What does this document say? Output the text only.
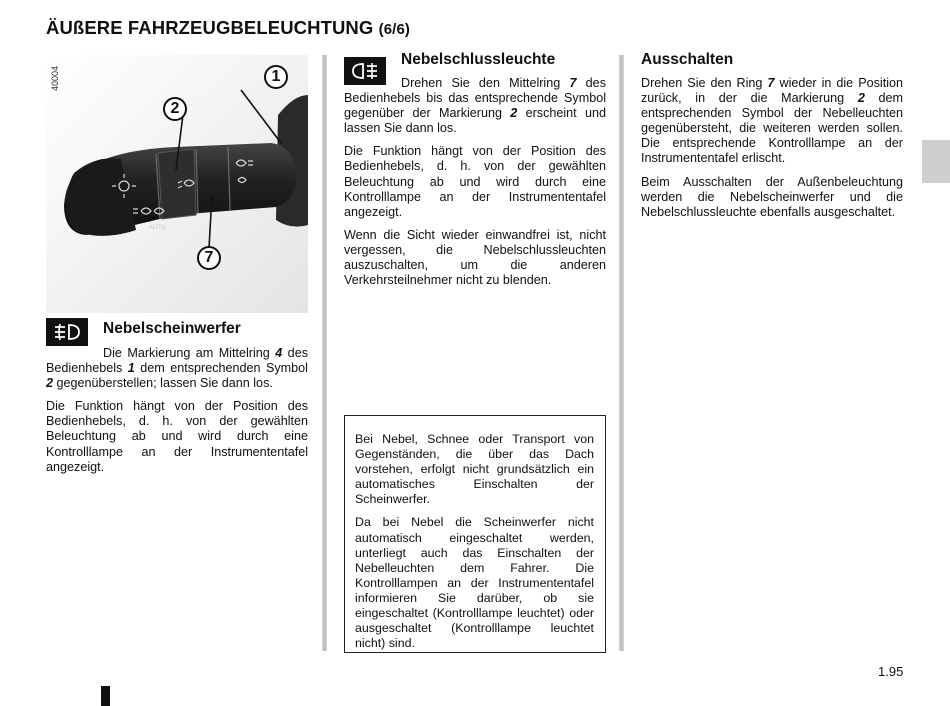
ÄUßERE FAHRZEUGBELEUCHTUNG (6/6)
AUTO
1
2
7
40004
Nebelscheinwerfer

Die Markierung am Mittelring 4 des Bedienhebels 1 dem entsprechenden Symbol 2 gegenüberstellen; lassen Sie dann los.

Die Funktion hängt von der Position des Bedienhebels, d. h. von der gewählten Beleuchtung ab und wird durch eine Kontrolllampe an der Instrumententafel angezeigt.

Nebelschlussleuchte

Drehen Sie den Mittelring 7 des Bedienhebels bis das entsprechende Symbol gegenüber der Markierung 2 erscheint und lassen Sie dann los.

Die Funktion hängt von der Position des Bedienhebels, d. h. von der gewählten Beleuchtung ab und wird durch eine Kontrolllampe an der Instrumententafel angezeigt.

Wenn die Sicht wieder einwandfrei ist, nicht vergessen, die Nebelschlussleuchten auszuschalten, um die anderen Verkehrsteilnehmer nicht zu blenden.

Bei Nebel, Schnee oder Transport von Gegenständen, die über das Dach vorstehen, erfolgt nicht grundsätzlich ein automatisches Einschalten der Scheinwerfer.

Da bei Nebel die Scheinwerfer nicht automatisch eingeschaltet werden, unterliegt auch das Einschalten der Nebelleuchten dem Fahrer. Die Kontrolllampen an der Instrumententafel informieren Sie darüber, ob sie eingeschaltet (Kontrolllampe leuchtet) oder ausgeschaltet (Kontrolllampe leuchtet nicht) sind.

Ausschalten

Drehen Sie den Ring 7 wieder in die Position zurück, in der die Markierung 2 dem entsprechenden Symbol der Nebelleuchten gegenübersteht, die weiteren werden sollen. Die entsprechende Kontrolllampe an der Instrumententafel erlischt.

Beim Ausschalten der Außenbeleuchtung werden die Nebelscheinwerfer und die Nebelschlussleuchte ebenfalls ausgeschaltet.

1.95
